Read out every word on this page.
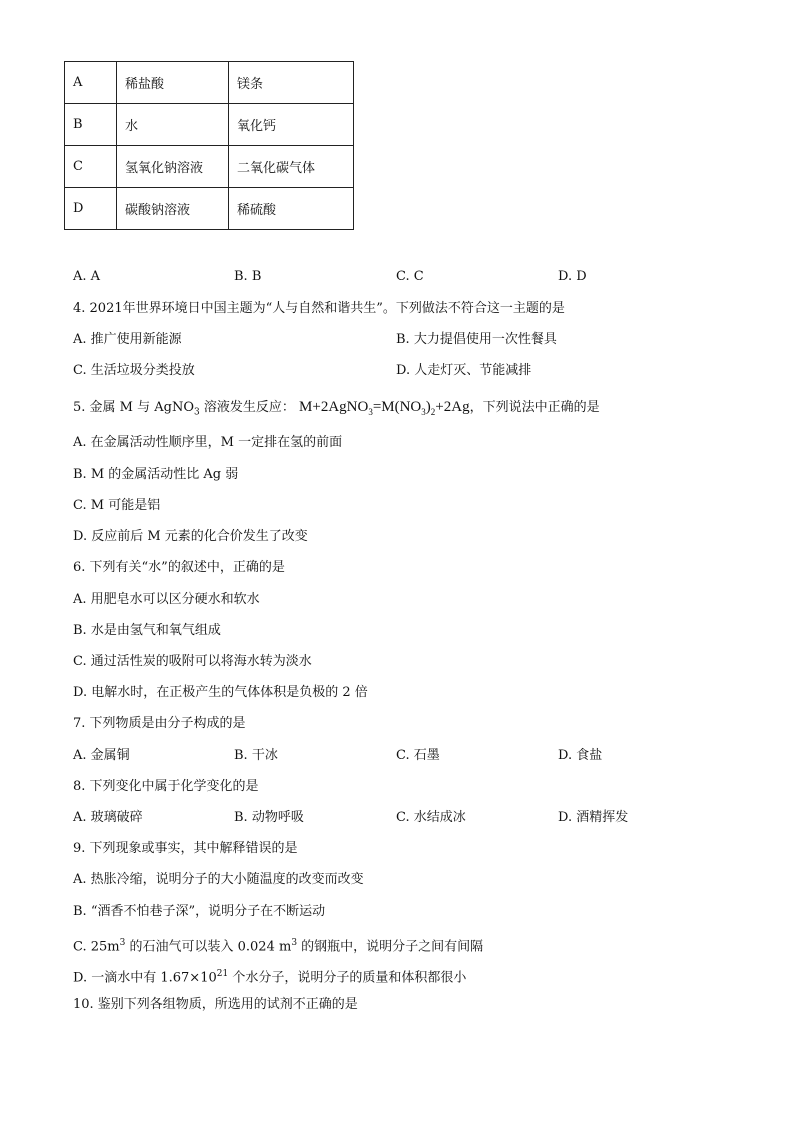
A	稀盐酸	镁条
B	水	氧化钙
C	氢氧化钠溶液	二氧化碳气体
D	碳酸钠溶液	稀硫酸
A. A	B. B	C. C	D. D
4. 2021年世界环境日中国主题为“人与自然和谐共生”。下列做法不符合这一主题的是
A. 推广使用新能源	B. 大力提倡使用一次性餐具
C. 生活垃圾分类投放	D. 人走灯灭、节能减排
5. 金属 M 与 AgNO$_3$ 溶液发生反应： $M+2AgNO_3=M(NO_3)_2+2Ag$，下列说法中正确的是
A. 在金属活动性顺序里，M 一定排在氢的前面
B. M 的金属活动性比 Ag 弱
C. M 可能是铝
D. 反应前后 M 元素的化合价发生了改变
6. 下列有关“水”的叙述中，正确的是
A. 用肥皂水可以区分硬水和软水
B. 水是由氢气和氧气组成
C. 通过活性炭的吸附可以将海水转为淡水
D. 电解水时，在正极产生的气体体积是负极的 2 倍
7. 下列物质是由分子构成的是
A. 金属铜	B. 干冰	C. 石墨	D. 食盐
8. 下列变化中属于化学变化的是
A. 玻璃破碎	B. 动物呼吸	C. 水结成冰	D. 酒精挥发
9. 下列现象或事实，其中解释错误的是
A. 热胀冷缩，说明分子的大小随温度的改变而改变
B. “酒香不怕巷子深”，说明分子在不断运动
C. $25m^3$ 的石油气可以装入 0.024 $m^3$ 的钢瓶中，说明分子之间有间隔
D. 一滴水中有 $1.67\times 10^{21}$ 个水分子，说明分子的质量和体积都很小
10. 鉴别下列各组物质，所选用的试剂不正确的是
